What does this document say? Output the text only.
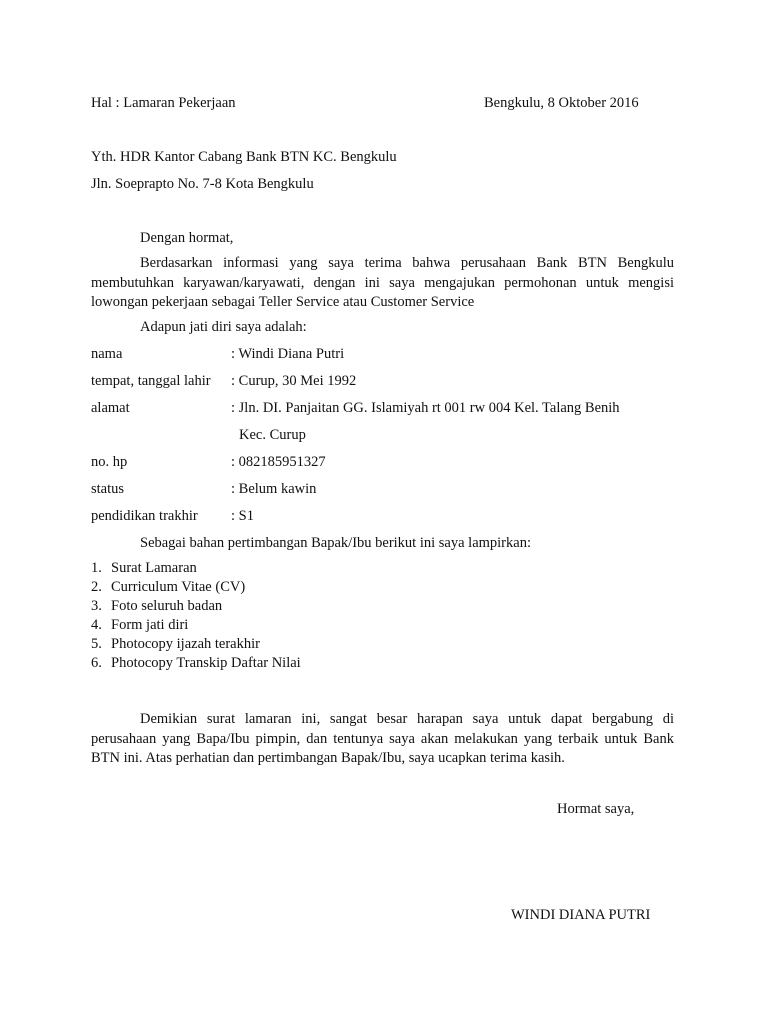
Hal : Lamaran Pekerjaan	Bengkulu, 8 Oktober 2016
Yth. HDR Kantor Cabang Bank BTN KC. Bengkulu
Jln. Soeprapto No. 7-8 Kota Bengkulu
Dengan hormat,
Berdasarkan informasi yang saya terima bahwa perusahaan Bank BTN Bengkulu membutuhkan karyawan/karyawati, dengan ini saya mengajukan permohonan untuk mengisi lowongan pekerjaan sebagai Teller Service atau Customer Service
Adapun jati diri saya adalah:
nama	: Windi Diana Putri
tempat, tanggal lahir : Curup, 30 Mei 1992
alamat	: Jln. DI. Panjaitan GG. Islamiyah rt 001 rw 004 Kel. Talang Benih
Kec. Curup
no. hp	: 082185951327
status	: Belum kawin
pendidikan trakhir : S1
Sebagai bahan pertimbangan Bapak/Ibu berikut ini saya lampirkan:
1. Surat Lamaran
2. Curriculum Vitae (CV)
3. Foto seluruh badan
4. Form jati diri
5. Photocopy ijazah terakhir
6. Photocopy Transkip Daftar Nilai
Demikian surat lamaran ini, sangat besar harapan saya untuk dapat bergabung di perusahaan yang Bapa/Ibu pimpin, dan tentunya saya akan melakukan yang terbaik untuk Bank BTN ini. Atas perhatian dan pertimbangan Bapak/Ibu, saya ucapkan terima kasih.
Hormat saya,
WINDI DIANA PUTRI
